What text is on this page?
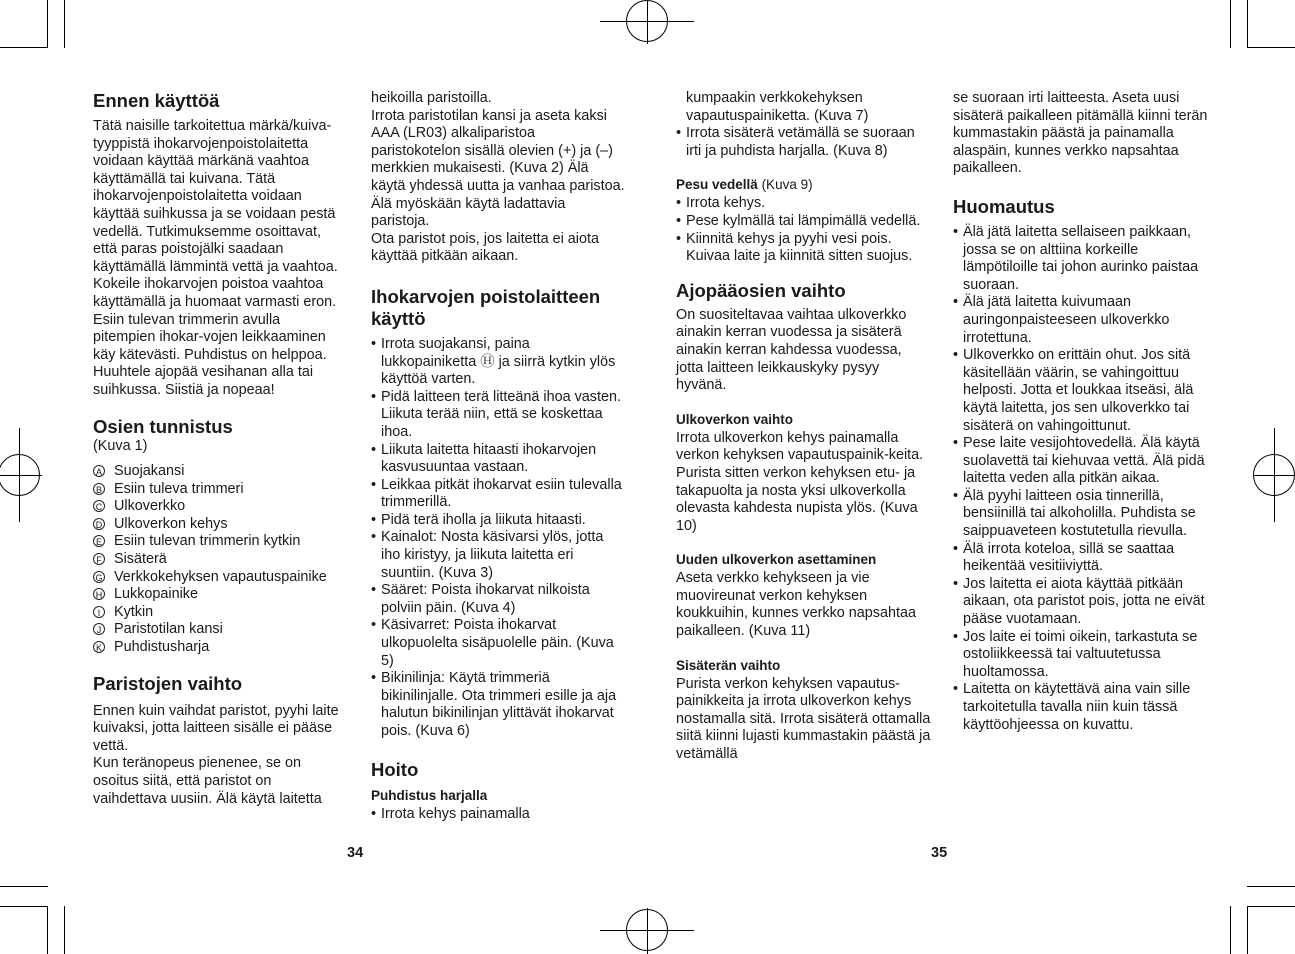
Ennen käyttöä

Tätä naisille tarkoitettua märkä/kuiva-tyyppistä ihokarvojenpoistolaitetta voidaan käyttää märkänä vaahtoa käyttämällä tai kuivana. Tätä ihokarvojenpoistolaitetta voidaan käyttää suihkussa ja se voidaan pestä vedellä. Tutkimuksemme osoittavat, että paras poistojälki saadaan käyttämällä lämmintä vettä ja vaahtoa. Kokeile ihokarvojen poistoa vaahtoa käyttämällä ja huomaat varmasti eron. Esiin tulevan trimmerin avulla pitempien ihokar-vojen leikkaaminen käy kätevästi. Puhdistus on helppoa. Huuhtele ajopää vesihanan alla tai suihkussa. Siistiä ja nopeaa!

Osien tunnistus

(Kuva 1)

A Suojakansi
B Esiin tuleva trimmeri
C Ulkoverkko
D Ulkoverkon kehys
E Esiin tulevan trimmerin kytkin
F Sisäterä
G Verkkokehyksen vapautuspainike
H Lukkopainike
I Kytkin
J Paristotilan kansi
K Puhdistusharja
Paristojen vaihto

Ennen kuin vaihdat paristot, pyyhi laite kuivaksi, jotta laitteen sisälle ei pääse vettä.

Kun teränopeus pienenee, se on osoitus siitä, että paristot on vaihdettava uusiin. Älä käytä laitetta

heikoilla paristoilla.

Irrota paristotilan kansi ja aseta kaksi AAA (LR03) alkaliparistoa paristokotelon sisällä olevien (+) ja (–) merkkien mukaisesti. (Kuva 2) Älä käytä yhdessä uutta ja vanhaa paristoa. Älä myöskään käytä ladattavia paristoja.

Ota paristot pois, jos laitetta ei aiota käyttää pitkään aikaan.

Ihokarvojen poistolaitteen käyttö
• Irrota suojakansi, paina lukkopainiketta Ⓗ ja siirrä kytkin ylös käyttöä varten.
• Pidä laitteen terä litteänä ihoa vasten. Liikuta terää niin, että se koskettaa ihoa.
• Liikuta laitetta hitaasti ihokarvojen kasvusuuntaa vastaan.
• Leikkaa pitkät ihokarvat esiin tulevalla trimmerillä.
• Pidä terä iholla ja liikuta hitaasti.
• Kainalot: Nosta käsivarsi ylös, jotta iho kiristyy, ja liikuta laitetta eri suuntiin. (Kuva 3)
• Sääret: Poista ihokarvat nilkoista polviin päin. (Kuva 4)
• Käsivarret: Poista ihokarvat ulkopuolelta sisäpuolelle päin. (Kuva 5)
• Bikinilinja: Käytä trimmeriä bikinilinjalle. Ota trimmeri esille ja aja halutun bikinilinjan ylittävät ihokarvat pois. (Kuva 6)
Hoito
Puhdistus harjalla
• Irrota kehys painamalla

kumpaakin verkkokehyksen vapautuspainiketta. (Kuva 7)

• Irrota sisäterä vetämällä se suoraan irti ja puhdista harjalla. (Kuva 8)
Pesu vedellä (Kuva 9)
• Irrota kehys.
• Pese kylmällä tai lämpimällä vedellä.
• Kiinnitä kehys ja pyyhi vesi pois. Kuivaa laite ja kiinnitä sitten suojus.
Ajopääosien vaihto

On suositeltavaa vaihtaa ulkoverkko ainakin kerran vuodessa ja sisäterä ainakin kerran kahdessa vuodessa, jotta laitteen leikkauskyky pysyy hyvänä.

Ulkoverkon vaihto

Irrota ulkoverkon kehys painamalla verkon kehyksen vapautuspainik-keita.

Purista sitten verkon kehyksen etu- ja takapuolta ja nosta yksi ulkoverkolla olevasta kahdesta nupista ylös. (Kuva 10)

Uuden ulkoverkon asettaminen

Aseta verkko kehykseen ja vie muovireunat verkon kehyksen koukkuihin, kunnes verkko napsahtaa paikalleen. (Kuva 11)

Sisäterän vaihto

Purista verkon kehyksen vapautus-painikkeita ja irrota ulkoverkon kehys nostamalla sitä. Irrota sisäterä ottamalla siitä kiinni lujasti kummastakin päästä ja vetämällä

se suoraan irti laitteesta. Aseta uusi sisäterä paikalleen pitämällä kiinni terän kummastakin päästä ja painamalla alaspäin, kunnes verkko napsahtaa paikalleen.

Huomautus
• Älä jätä laitetta sellaiseen paikkaan, jossa se on alttiina korkeille lämpötiloille tai johon aurinko paistaa suoraan.
• Älä jätä laitetta kuivumaan auringonpaisteeseen ulkoverkko irrotettuna.
• Ulkoverkko on erittäin ohut. Jos sitä käsitellään väärin, se vahingoittuu helposti. Jotta et loukkaa itseäsi, älä käytä laitetta, jos sen ulkoverkko tai sisäterä on vahingoittunut.
• Pese laite vesijohtovedellä. Älä käytä suolavettä tai kiehuvaa vettä. Älä pidä laitetta veden alla pitkän aikaa.
• Älä pyyhi laitteen osia tinnerillä, bensiinillä tai alkoholilla. Puhdista se saippuaveteen kostutetulla rievulla.
• Älä irrota koteloa, sillä se saattaa heikentää vesitiiviyttä.
• Jos laitetta ei aiota käyttää pitkään aikaan, ota paristot pois, jotta ne eivät pääse vuotamaan.
• Jos laite ei toimi oikein, tarkastuta se ostoliikkeessä tai valtuutetussa huoltamossa.
• Laitetta on käytettävä aina vain sille tarkoitetulla tavalla niin kuin tässä käyttöohjeessa on kuvattu.
34	35
